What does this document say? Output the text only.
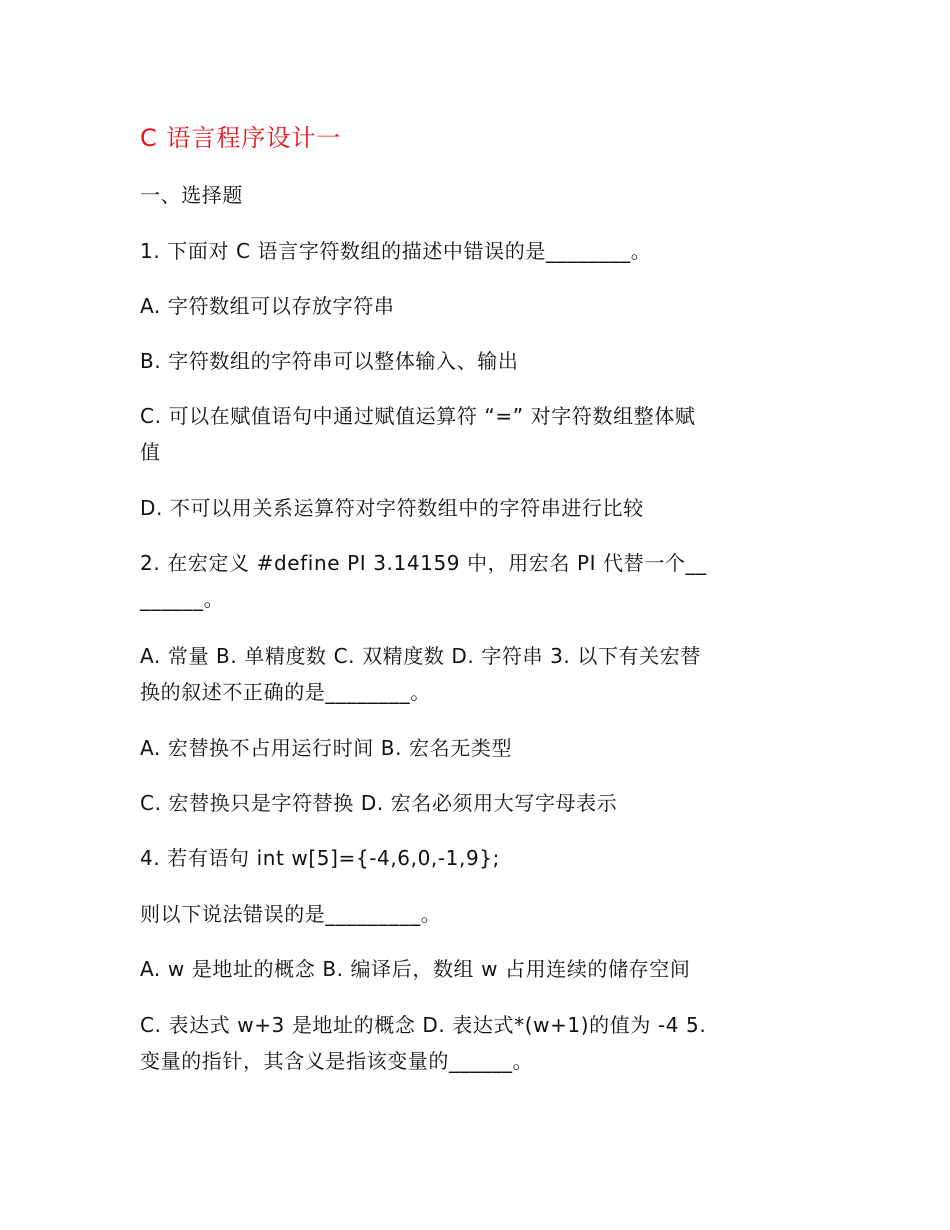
C 语言程序设计一
一、选择题
1. 下面对 C 语言字符数组的描述中错误的是________。
A. 字符数组可以存放字符串
B. 字符数组的字符串可以整体输入、输出
C. 可以在赋值语句中通过赋值运算符 “=” 对字符数组整体赋
值
D. 不可以用关系运算符对字符数组中的字符串进行比较
2. 在宏定义 #define PI 3.14159 中，用宏名 PI 代替一个__
______。
A. 常量 B. 单精度数 C. 双精度数 D. 字符串 3. 以下有关宏替
换的叙述不正确的是________。
A. 宏替换不占用运行时间 B. 宏名无类型
C. 宏替换只是字符替换 D. 宏名必须用大写字母表示
4. 若有语句 int w[5]={-4,6,0,-1,9};
则以下说法错误的是_________。
A. w 是地址的概念 B. 编译后，数组 w 占用连续的储存空间
C. 表达式 w+3 是地址的概念 D. 表达式*(w+1)的值为 -4 5.
变量的指针，其含义是指该变量的______。
